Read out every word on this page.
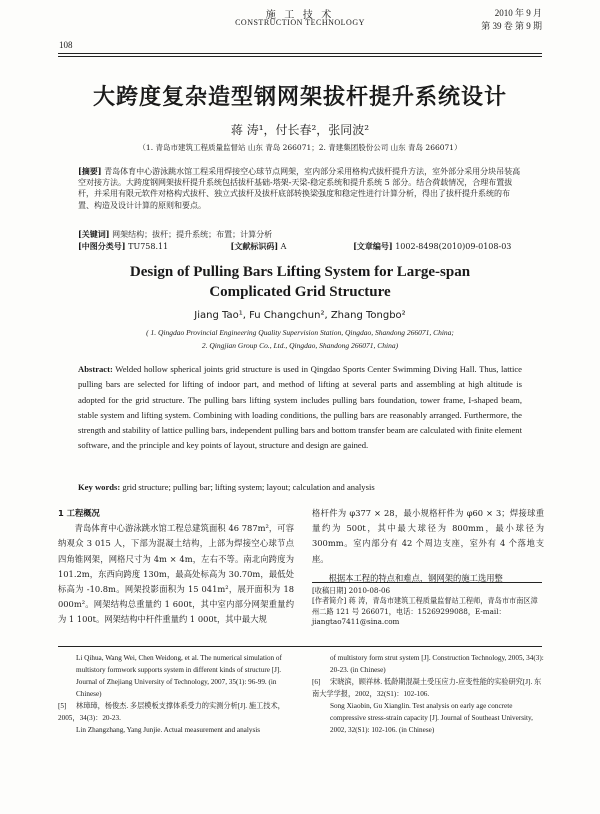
施 工 技 术
CONSTRUCTION TECHNOLOGY
108
2010 年 9 月
第 39 卷 第 9 期
大跨度复杂造型钢网架拔杆提升系统设计
蒋 涛¹，付长春²，张同波²
（1. 青岛市建筑工程质量监督站 山东 青岛 266071；2. 青建集团股份公司 山东 青岛 266071）
[摘要] 青岛体育中心游泳跳水馆工程采用焊接空心球节点网架，室内部分采用格构式拔杆提升方法，室外部分采用分块吊装高空对接方法。大跨度钢网架拔杆提升系统包括拔杆基础-塔架-天梁-稳定系统和提升系统 5 部分。结合荷载情况，合理布置拔杆，并采用有限元软件对格构式拔杆、独立式拔杆及拔杆底部转换梁强度和稳定性进行计算分析，得出了拔杆提升系统的布置、构造及设计计算的原则和要点。
[关键词] 网架结构；拔杆；提升系统；布置；计算分析
[中图分类号] TU758.11	[文献标识码] A	[文章编号] 1002-8498(2010)09-0108-03
Design of Pulling Bars Lifting System for Large-span
Complicated Grid Structure
Jiang Tao¹, Fu Changchun², Zhang Tongbo²
( 1. Qingdao Provincial Engineering Quality Supervision Station, Qingdao, Shandong 266071, China;
2. Qingjian Group Co., Ltd., Qingdao, Shandong 266071, China)
Abstract: Welded hollow spherical joints grid structure is used in Qingdao Sports Center Swimming Diving Hall. Thus, lattice pulling bars are selected for lifting of indoor part, and method of lifting at several parts and assembling at high altitude is adopted for the grid structure. The pulling bars lifting system includes pulling bars foundation, tower frame, I-shaped beam, stable system and lifting system. Combining with loading conditions, the pulling bars are reasonably arranged. Furthermore, the strength and stability of lattice pulling bars, independent pulling bars and bottom transfer beam are calculated with finite element software, and the principle and key points of layout, structure and design are gained.
Key words: grid structure; pulling bar; lifting system; layout; calculation and analysis
1 工程概况
青岛体育中心游泳跳水馆工程总建筑面积 46 787m²，可容纳观众 3 015 人，下部为混凝土结构，上部为焊接空心球节点四角锥网架，网格尺寸为 4m × 4m，左右不等。南北向跨度为 101.2m，东西向跨度 130m，最高处标高为 30.70m，最低处标高为 -10.8m。网架投影面积为 15 041m²，展开面积为 18 000m²。网架结构总重量约 1 600t，其中室内部分网架重量约为 1 100t。网架结构中杆件重量约 1 000t，其中最大规
格杆件为 φ377 × 28，最小规格杆件为 φ60 × 3；焊接球重量约为 500t，其中最大球径为 800mm，最小球径为 300mm。室内部分有 42 个周边支座，室外有 4 个落地支座。
根据本工程的特点和难点，钢网架的施工选用整
[收稿日期] 2010-08-06
[作者简介] 蒋 涛，青岛市建筑工程质量监督站工程师，青岛市市南区漳州二路 121 号 266071，电话：15269299088，E-mail：jiangtao7411@sina.com

Li Qihua, Wang Wei, Chen Weidong, et al. The numerical simulation of multistory formwork supports system in different kinds of structure [J]. Journal of Zhejiang University of Technology, 2007, 35(1): 96-99. (in Chinese)

[5] 林璋璋，杨俊杰. 多层模板支撑体系受力的实测分析[J]. 施工技术，2005，34(3)：20-23.

Lin Zhangzhang, Yang Junjie. Actual measurement and analysis

of multistory form strut system [J]. Construction Technology, 2005, 34(3): 20-23. (in Chinese)

[6] 宋晓滨，顾祥林. 低龄期混凝土受压应力-应变性能的实验研究[J]. 东南大学学报，2002，32(S1)：102-106.

Song Xiaobin, Gu Xianglin. Test analysis on early age concrete compressive stress-strain capacity [J]. Journal of Southeast University, 2002, 32(S1): 102-106. (in Chinese)
